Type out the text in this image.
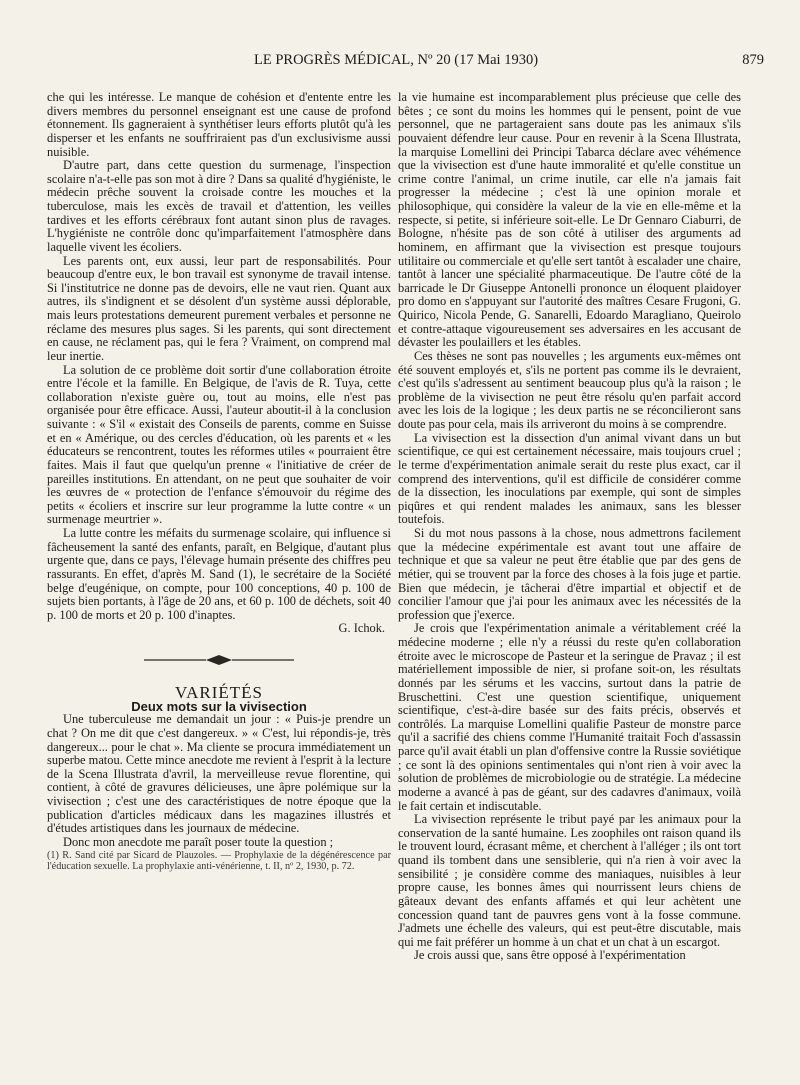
LE PROGRÈS MÉDICAL, Nº 20 (17 Mai 1930)	879

che qui les intéresse. Le manque de cohésion et d'entente entre les divers membres du personnel enseignant est une cause de profond étonnement. Ils gagneraient à synthétiser leurs efforts plutôt qu'à les disperser et les enfants ne souffriraient pas d'un exclusivisme aussi nuisible.

D'autre part, dans cette question du surmenage, l'inspection scolaire n'a-t-elle pas son mot à dire ? Dans sa qualité d'hygiéniste, le médecin prêche souvent la croisade contre les mouches et la tuberculose, mais les excès de travail et d'attention, les veilles tardives et les efforts cérébraux font autant sinon plus de ravages. L'hygiéniste ne contrôle donc qu'imparfaitement l'atmosphère dans laquelle vivent les écoliers.

Les parents ont, eux aussi, leur part de responsabilités. Pour beaucoup d'entre eux, le bon travail est synonyme de travail intense. Si l'institutrice ne donne pas de devoirs, elle ne vaut rien. Quant aux autres, ils s'indignent et se désolent d'un système aussi déplorable, mais leurs protestations demeurent purement verbales et personne ne réclame des mesures plus sages. Si les parents, qui sont directement en cause, ne réclament pas, qui le fera ? Vraiment, on comprend mal leur inertie.

La solution de ce problème doit sortir d'une collaboration étroite entre l'école et la famille. En Belgique, de l'avis de R. Tuya, cette collaboration n'existe guère ou, tout au moins, elle n'est pas organisée pour être efficace. Aussi, l'auteur aboutit-il à la conclusion suivante : « S'il « existait des Conseils de parents, comme en Suisse et en « Amérique, ou des cercles d'éducation, où les parents et « les éducateurs se rencontrent, toutes les réformes utiles « pourraient être faites. Mais il faut que quelqu'un prenne « l'initiative de créer de pareilles institutions. En attendant, on ne peut que souhaiter de voir les œuvres de « protection de l'enfance s'émouvoir du régime des petits « écoliers et inscrire sur leur programme la lutte contre « un surmenage meurtrier ».

La lutte contre les méfaits du surmenage scolaire, qui influence si fâcheusement la santé des enfants, paraît, en Belgique, d'autant plus urgente que, dans ce pays, l'élevage humain présente des chiffres peu rassurants. En effet, d'après M. Sand (1), le secrétaire de la Société belge d'eugénique, on compte, pour 100 conceptions, 40 p. 100 de sujets bien portants, à l'âge de 20 ans, et 60 p. 100 de déchets, soit 40 p. 100 de morts et 20 p. 100 d'inaptes.

G. Ichok.

VARIÉTÉS

Deux mots sur la vivisection

Une tuberculeuse me demandait un jour : « Puis-je prendre un chat ? On me dit que c'est dangereux. » « C'est, lui répondis-je, très dangereux... pour le chat ». Ma cliente se procura immédiatement un superbe matou. Cette mince anecdote me revient à l'esprit à la lecture de la Scena Illustrata d'avril, la merveilleuse revue florentine, qui contient, à côté de gravures délicieuses, une âpre polémique sur la vivisection ; c'est une des caractéristiques de notre époque que la publication d'articles médicaux dans les magazines illustrés et d'études artistiques dans les journaux de médecine.

Donc mon anecdote me paraît poser toute la question ;

(1) R. Sand cité par Sicard de Plauzoles. — Prophylaxie de la dégénérescence par l'éducation sexuelle. La prophylaxie anti-vénérienne, t. II, nº 2, 1930, p. 72.

la vie humaine est incomparablement plus précieuse que celle des bêtes ; ce sont du moins les hommes qui le pensent, point de vue personnel, que ne partageraient sans doute pas les animaux s'ils pouvaient défendre leur cause. Pour en revenir à la Scena Illustrata, la marquise Lomellini dei Principi Tabarca déclare avec véhémence que la vivisection est d'une haute immoralité et qu'elle constitue un crime contre l'animal, un crime inutile, car elle n'a jamais fait progresser la médecine ; c'est là une opinion morale et philosophique, qui considère la valeur de la vie en elle-même et la respecte, si petite, si inférieure soit-elle. Le Dr Gennaro Ciaburri, de Bologne, n'hésite pas de son côté à utiliser des arguments ad hominem, en affirmant que la vivisection est presque toujours utilitaire ou commerciale et qu'elle sert tantôt à escalader une chaire, tantôt à lancer une spécialité pharmaceutique. De l'autre côté de la barricade le Dr Giuseppe Antonelli prononce un éloquent plaidoyer pro domo en s'appuyant sur l'autorité des maîtres Cesare Frugoni, G. Quirico, Nicola Pende, G. Sanarelli, Edoardo Maragliano, Queirolo et contre-attaque vigoureusement ses adversaires en les accusant de dévaster les poulaillers et les étables.

Ces thèses ne sont pas nouvelles ; les arguments eux-mêmes ont été souvent employés et, s'ils ne portent pas comme ils le devraient, c'est qu'ils s'adressent au sentiment beaucoup plus qu'à la raison ; le problème de la vivisection ne peut être résolu qu'en parfait accord avec les lois de la logique ; les deux partis ne se réconcilieront sans doute pas pour cela, mais ils arriveront du moins à se comprendre.

La vivisection est la dissection d'un animal vivant dans un but scientifique, ce qui est certainement nécessaire, mais toujours cruel ; le terme d'expérimentation animale serait du reste plus exact, car il comprend des interventions, qu'il est difficile de considérer comme de la dissection, les inoculations par exemple, qui sont de simples piqûres et qui rendent malades les animaux, sans les blesser toutefois.

Si du mot nous passons à la chose, nous admettrons facilement que la médecine expérimentale est avant tout une affaire de technique et que sa valeur ne peut être établie que par des gens de métier, qui se trouvent par la force des choses à la fois juge et partie. Bien que médecin, je tâcherai d'être impartial et objectif et de concilier l'amour que j'ai pour les animaux avec les nécessités de la profession que j'exerce.

Je crois que l'expérimentation animale a véritablement créé la médecine moderne ; elle n'y a réussi du reste qu'en collaboration étroite avec le microscope de Pasteur et la seringue de Pravaz ; il est matériellement impossible de nier, si profane soit-on, les résultats donnés par les sérums et les vaccins, surtout dans la patrie de Bruschettini. C'est une question scientifique, uniquement scientifique, c'est-à-dire basée sur des faits précis, observés et contrôlés. La marquise Lomellini qualifie Pasteur de monstre parce qu'il a sacrifié des chiens comme l'Humanité traitait Foch d'assassin parce qu'il avait établi un plan d'offensive contre la Russie soviétique ; ce sont là des opinions sentimentales qui n'ont rien à voir avec la solution de problèmes de microbiologie ou de stratégie. La médecine moderne a avancé à pas de géant, sur des cadavres d'animaux, voilà le fait certain et indiscutable.

La vivisection représente le tribut payé par les animaux pour la conservation de la santé humaine. Les zoophiles ont raison quand ils le trouvent lourd, écrasant même, et cherchent à l'alléger ; ils ont tort quand ils tombent dans une sensiblerie, qui n'a rien à voir avec la sensibilité ; je considère comme des maniaques, nuisibles à leur propre cause, les bonnes âmes qui nourrissent leurs chiens de gâteaux devant des enfants affamés et qui leur achètent une concession quand tant de pauvres gens vont à la fosse commune. J'admets une échelle des valeurs, qui est peut-être discutable, mais qui me fait préférer un homme à un chat et un chat à un escargot.

Je crois aussi que, sans être opposé à l'expérimentation
